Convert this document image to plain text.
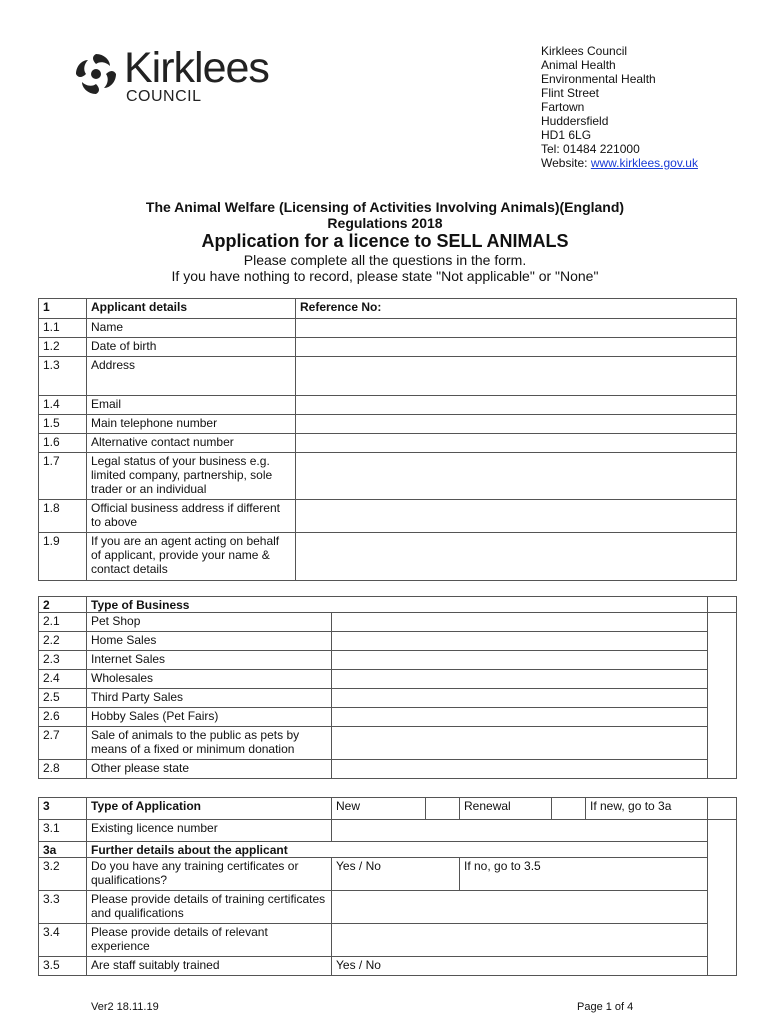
Kirklees
COUNCIL
Kirklees Council
Animal Health
Environmental Health
Flint Street
Fartown
Huddersfield
HD1 6LG
Tel: 01484 221000
Website: www.kirklees.gov.uk
The Animal Welfare (Licensing of Activities Involving Animals)(England)
Regulations 2018
Application for a licence to SELL ANIMALS
Please complete all the questions in the form.
If you have nothing to record, please state "Not applicable" or "None"
1	Applicant details	Reference No:
1.1	Name	
1.2	Date of birth	
1.3	Address	
1.4	Email	
1.5	Main telephone number	
1.6	Alternative contact number	
1.7	Legal status of your business e.g. limited company, partnership, sole trader or an individual	
1.8	Official business address if different to above	
1.9	If you are an agent acting on behalf of applicant, provide your name & contact details	
2	Type of Business		
2.1	Pet Shop		
2.2	Home Sales		
2.3	Internet Sales		
2.4	Wholesales		
2.5	Third Party Sales		
2.6	Hobby Sales (Pet Fairs)		
2.7	Sale of animals to the public as pets by means of a fixed or minimum donation		
2.8	Other please state		
3	Type of Application	New		Renewal		If new, go to 3a	
3.1	Existing licence number						
3a	Further details about the applicant						
3.2	Do you have any training certificates or qualifications?	Yes / No		If no, go to 3.5			
3.3	Please provide details of training certificates and qualifications						
3.4	Please provide details of relevant experience						
3.5	Are staff suitably trained	Yes / No					
Ver2 18.11.19	Page 1 of 4
